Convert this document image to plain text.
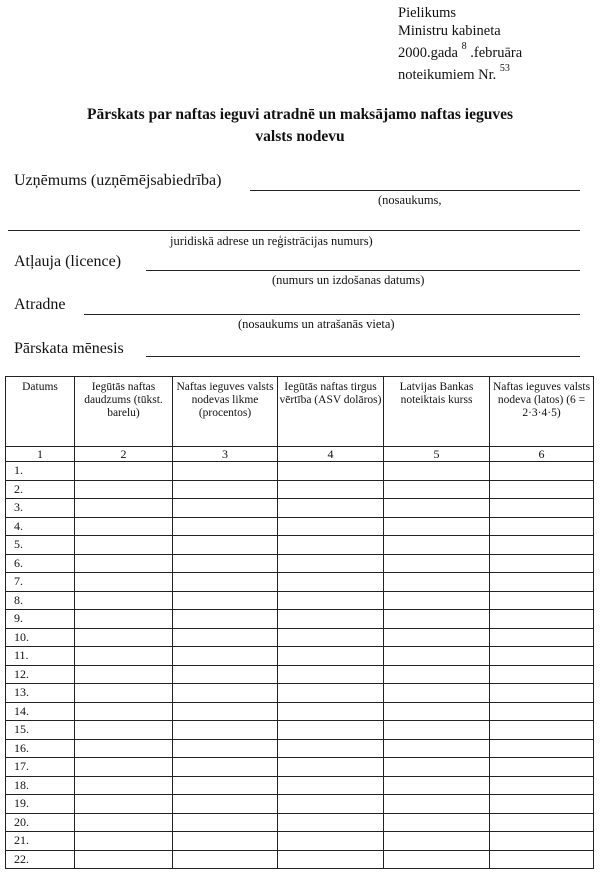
Pielikums
Ministru kabineta
2000.gada $^8$ .februāra
noteikumiem Nr. $^{53}$
Pārskats par naftas ieguvi atradnē un maksājamo naftas ieguves
valsts nodevu
Uzņēmums (uzņēmējsabiedrība)
(nosaukums,
juridiskā adrese un reģistrācijas numurs)
Atļauja (licence)
(numurs un izdošanas datums)
Atradne
(nosaukums un atrašanās vieta)
Pārskata mēnesis
Datums	Iegūtās naftas daudzums (tūkst. barelu)	Naftas ieguves valsts nodevas likme (procentos)	Iegūtās naftas tirgus vērtība (ASV dolāros)	Latvijas Bankas noteiktais kurss	Naftas ieguves valsts nodeva (latos) (6 = 2·3·4·5)
1	2	3	4	5	6
1.					
2.					
3.					
4.					
5.					
6.					
7.					
8.					
9.					
10.					
11.					
12.					
13.					
14.					
15.					
16.					
17.					
18.					
19.					
20.					
21.					
22.					
